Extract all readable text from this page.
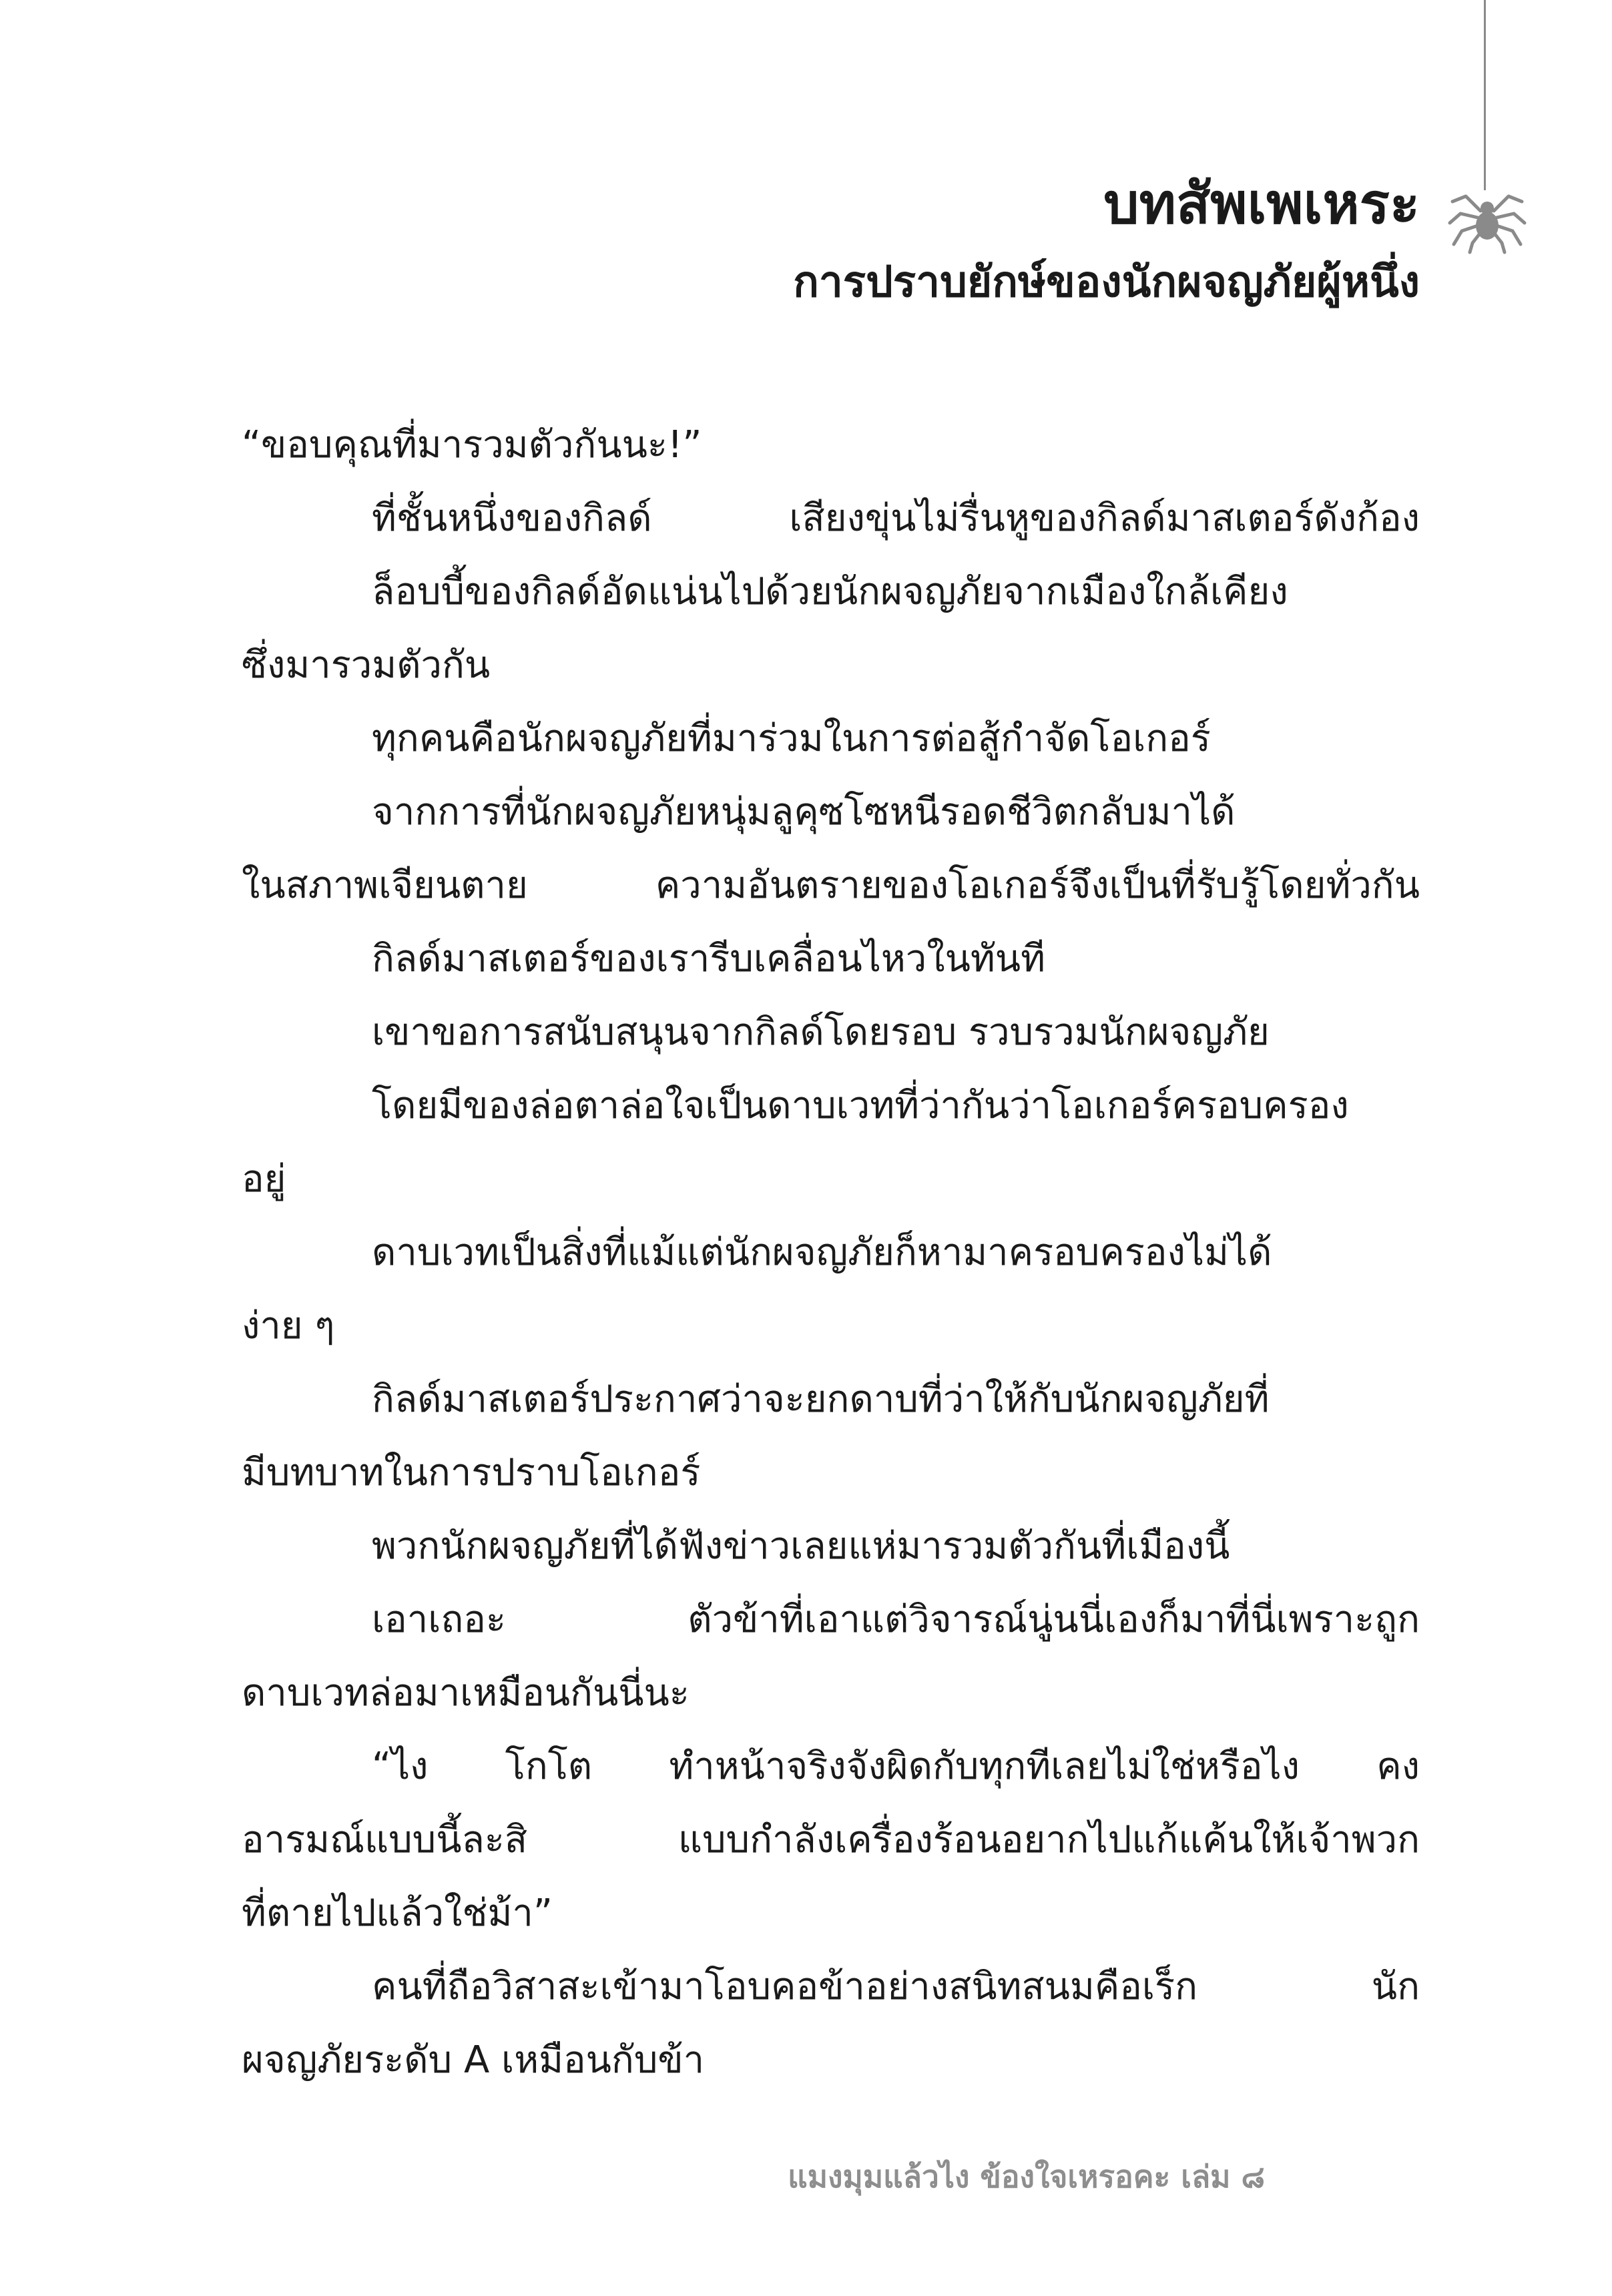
บทสัพเพเหระ
การปราบยักษ์ของนักผจญภัยผู้หนึ่ง
“ขอบคุณที่มารวมตัวกันนะ!”
ที่ชั้นหนึ่งของกิลด์ เสียงขุ่นไม่รื่นหูของกิลด์มาสเตอร์ดังก้อง
ล็อบบี้ของกิลด์อัดแน่นไปด้วยนักผจญภัยจากเมืองใกล้เคียง
ซึ่งมารวมตัวกัน
ทุกคนคือนักผจญภัยที่มาร่วมในการต่อสู้กำจัดโอเกอร์
จากการที่นักผจญภัยหนุ่มลูคุซโซหนีรอดชีวิตกลับมาได้
ในสภาพเจียนตาย ความอันตรายของโอเกอร์จึงเป็นที่รับรู้โดยทั่วกัน
กิลด์มาสเตอร์ของเรารีบเคลื่อนไหวในทันที
เขาขอการสนับสนุนจากกิลด์โดยรอบ รวบรวมนักผจญภัย
โดยมีของล่อตาล่อใจเป็นดาบเวทที่ว่ากันว่าโอเกอร์ครอบครอง
อยู่
ดาบเวทเป็นสิ่งที่แม้แต่นักผจญภัยก็หามาครอบครองไม่ได้
ง่าย ๆ
กิลด์มาสเตอร์ประกาศว่าจะยกดาบที่ว่าให้กับนักผจญภัยที่
มีบทบาทในการปราบโอเกอร์
พวกนักผจญภัยที่ได้ฟังข่าวเลยแห่มารวมตัวกันที่เมืองนี้
เอาเถอะ ตัวข้าที่เอาแต่วิจารณ์นู่นนี่เองก็มาที่นี่เพราะถูก
ดาบเวทล่อมาเหมือนกันนี่นะ
“ไง โกโต ทำหน้าจริงจังผิดกับทุกทีเลยไม่ใช่หรือไง คง
อารมณ์แบบนี้ละสิ แบบกำลังเครื่องร้อนอยากไปแก้แค้นให้เจ้าพวก
ที่ตายไปแล้วใช่ม้า”
คนที่ถือวิสาสะเข้ามาโอบคอข้าอย่างสนิทสนมคือเร็ก นัก
ผจญภัยระดับ A เหมือนกับข้า
แมงมุมแล้วไง ข้องใจเหรอคะ เล่ม ๘
